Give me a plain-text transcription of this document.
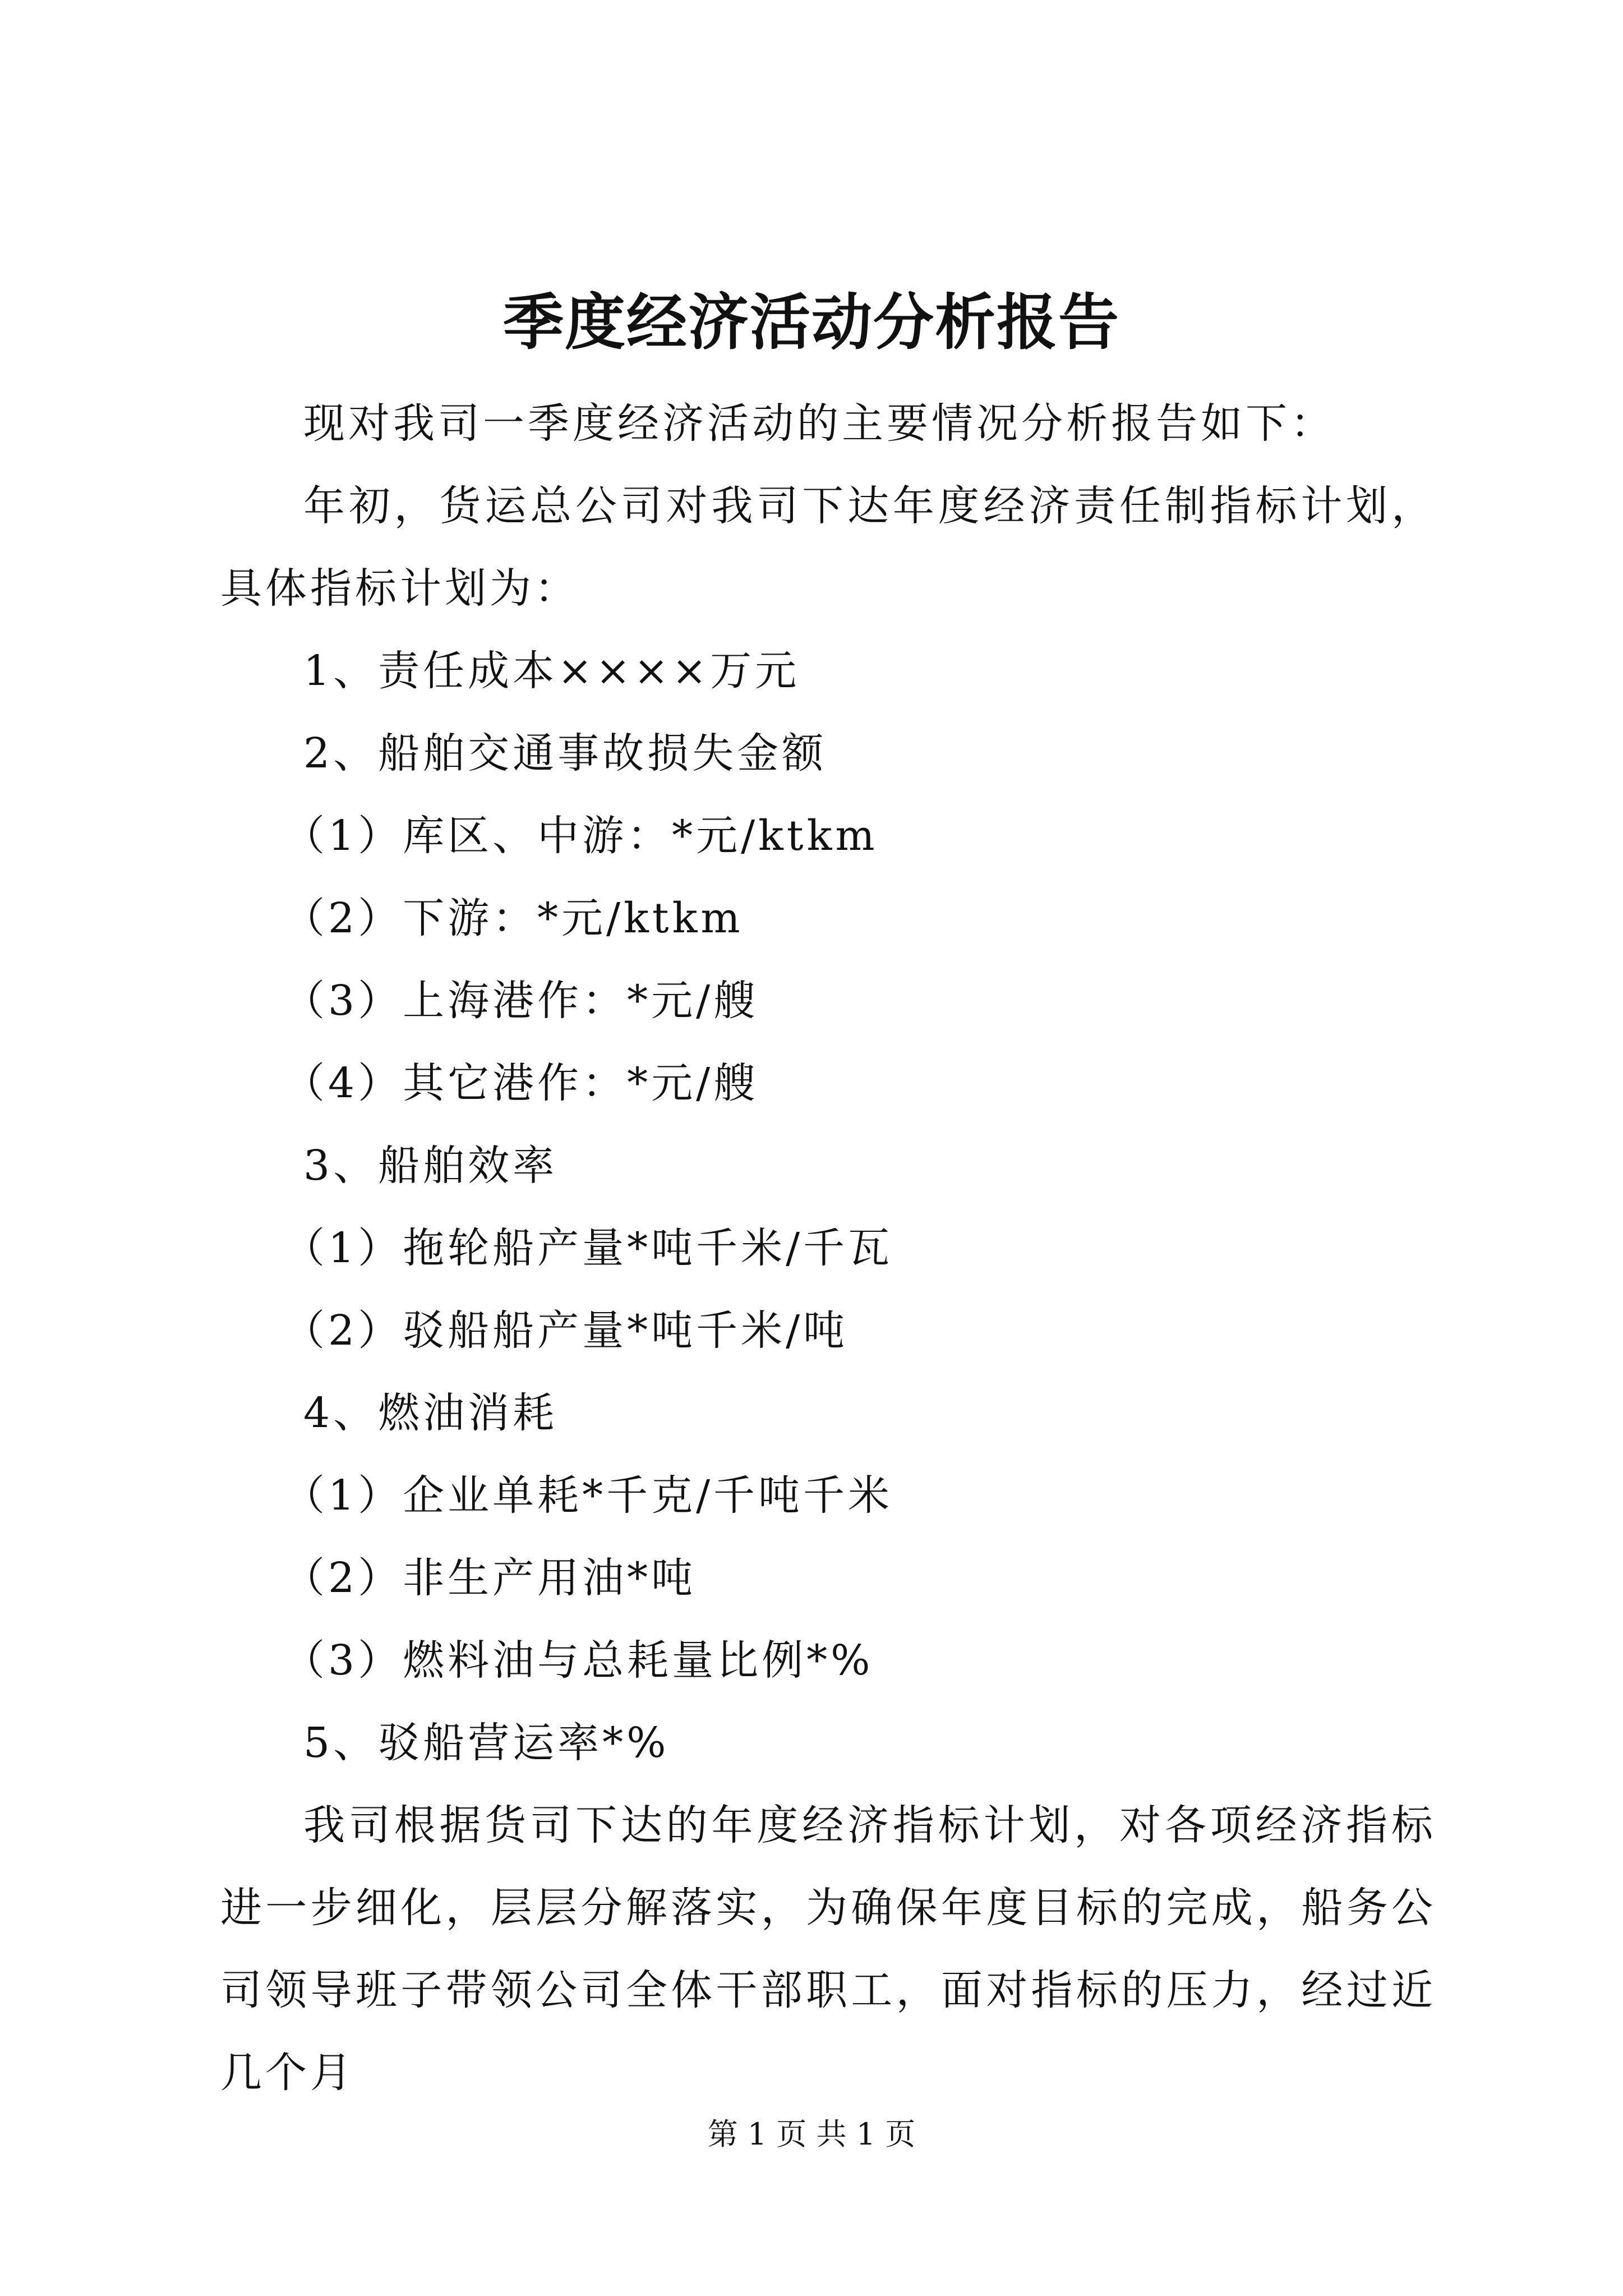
季度经济活动分析报告

现对我司一季度经济活动的主要情况分析报告如下：

年初，货运总公司对我司下达年度经济责任制指标计划，具体指标计划为：

1、责任成本××××万元

2、船舶交通事故损失金额

（1）库区、中游：*元/ktkm

（2）下游：*元/ktkm

（3）上海港作：*元/艘

（4）其它港作：*元/艘

3、船舶效率

（1）拖轮船产量*吨千米/千瓦

（2）驳船船产量*吨千米/吨

4、燃油消耗

（1）企业单耗*千克/千吨千米

（2）非生产用油*吨

（3）燃料油与总耗量比例*%

5、驳船营运率*%

我司根据货司下达的年度经济指标计划，对各项经济指标进一步细化，层层分解落实，为确保年度目标的完成，船务公司领导班子带领公司全体干部职工，面对指标的压力，经过近几个月

第 1 页 共 1 页
